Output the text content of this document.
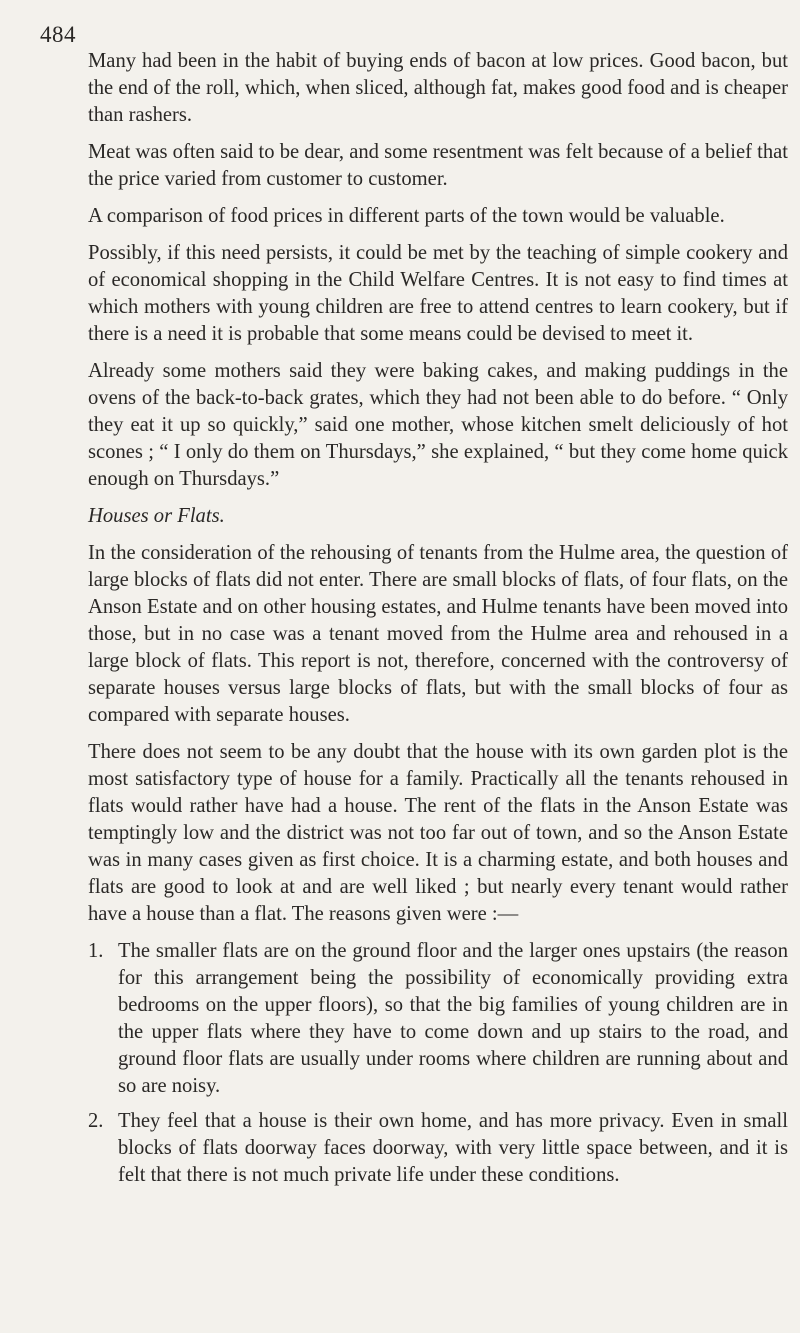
484

Many had been in the habit of buying ends of bacon at low prices. Good bacon, but the end of the roll, which, when sliced, although fat, makes good food and is cheaper than rashers.

Meat was often said to be dear, and some resentment was felt because of a belief that the price varied from customer to customer.

A comparison of food prices in different parts of the town would be valuable.

Possibly, if this need persists, it could be met by the teaching of simple cookery and of economical shopping in the Child Welfare Centres. It is not easy to find times at which mothers with young children are free to attend centres to learn cookery, but if there is a need it is probable that some means could be devised to meet it.

Already some mothers said they were baking cakes, and making puddings in the ovens of the back-to-back grates, which they had not been able to do before. “ Only they eat it up so quickly,” said one mother, whose kitchen smelt deliciously of hot scones ; “ I only do them on Thursdays,” she explained, “ but they come home quick enough on Thursdays.”

Houses or Flats.

In the consideration of the rehousing of tenants from the Hulme area, the question of large blocks of flats did not enter. There are small blocks of flats, of four flats, on the Anson Estate and on other housing estates, and Hulme tenants have been moved into those, but in no case was a tenant moved from the Hulme area and rehoused in a large block of flats. This report is not, therefore, concerned with the controversy of separate houses versus large blocks of flats, but with the small blocks of four as compared with separate houses.

There does not seem to be any doubt that the house with its own garden plot is the most satisfactory type of house for a family. Practically all the tenants rehoused in flats would rather have had a house. The rent of the flats in the Anson Estate was temptingly low and the district was not too far out of town, and so the Anson Estate was in many cases given as first choice. It is a charming estate, and both houses and flats are good to look at and are well liked ; but nearly every tenant would rather have a house than a flat. The reasons given were :—

1. The smaller flats are on the ground floor and the larger ones upstairs (the reason for this arrangement being the possibility of economically providing extra bedrooms on the upper floors), so that the big families of young children are in the upper flats where they have to come down and up stairs to the road, and ground floor flats are usually under rooms where children are running about and so are noisy.
2. They feel that a house is their own home, and has more privacy. Even in small blocks of flats doorway faces doorway, with very little space between, and it is felt that there is not much private life under these conditions.
